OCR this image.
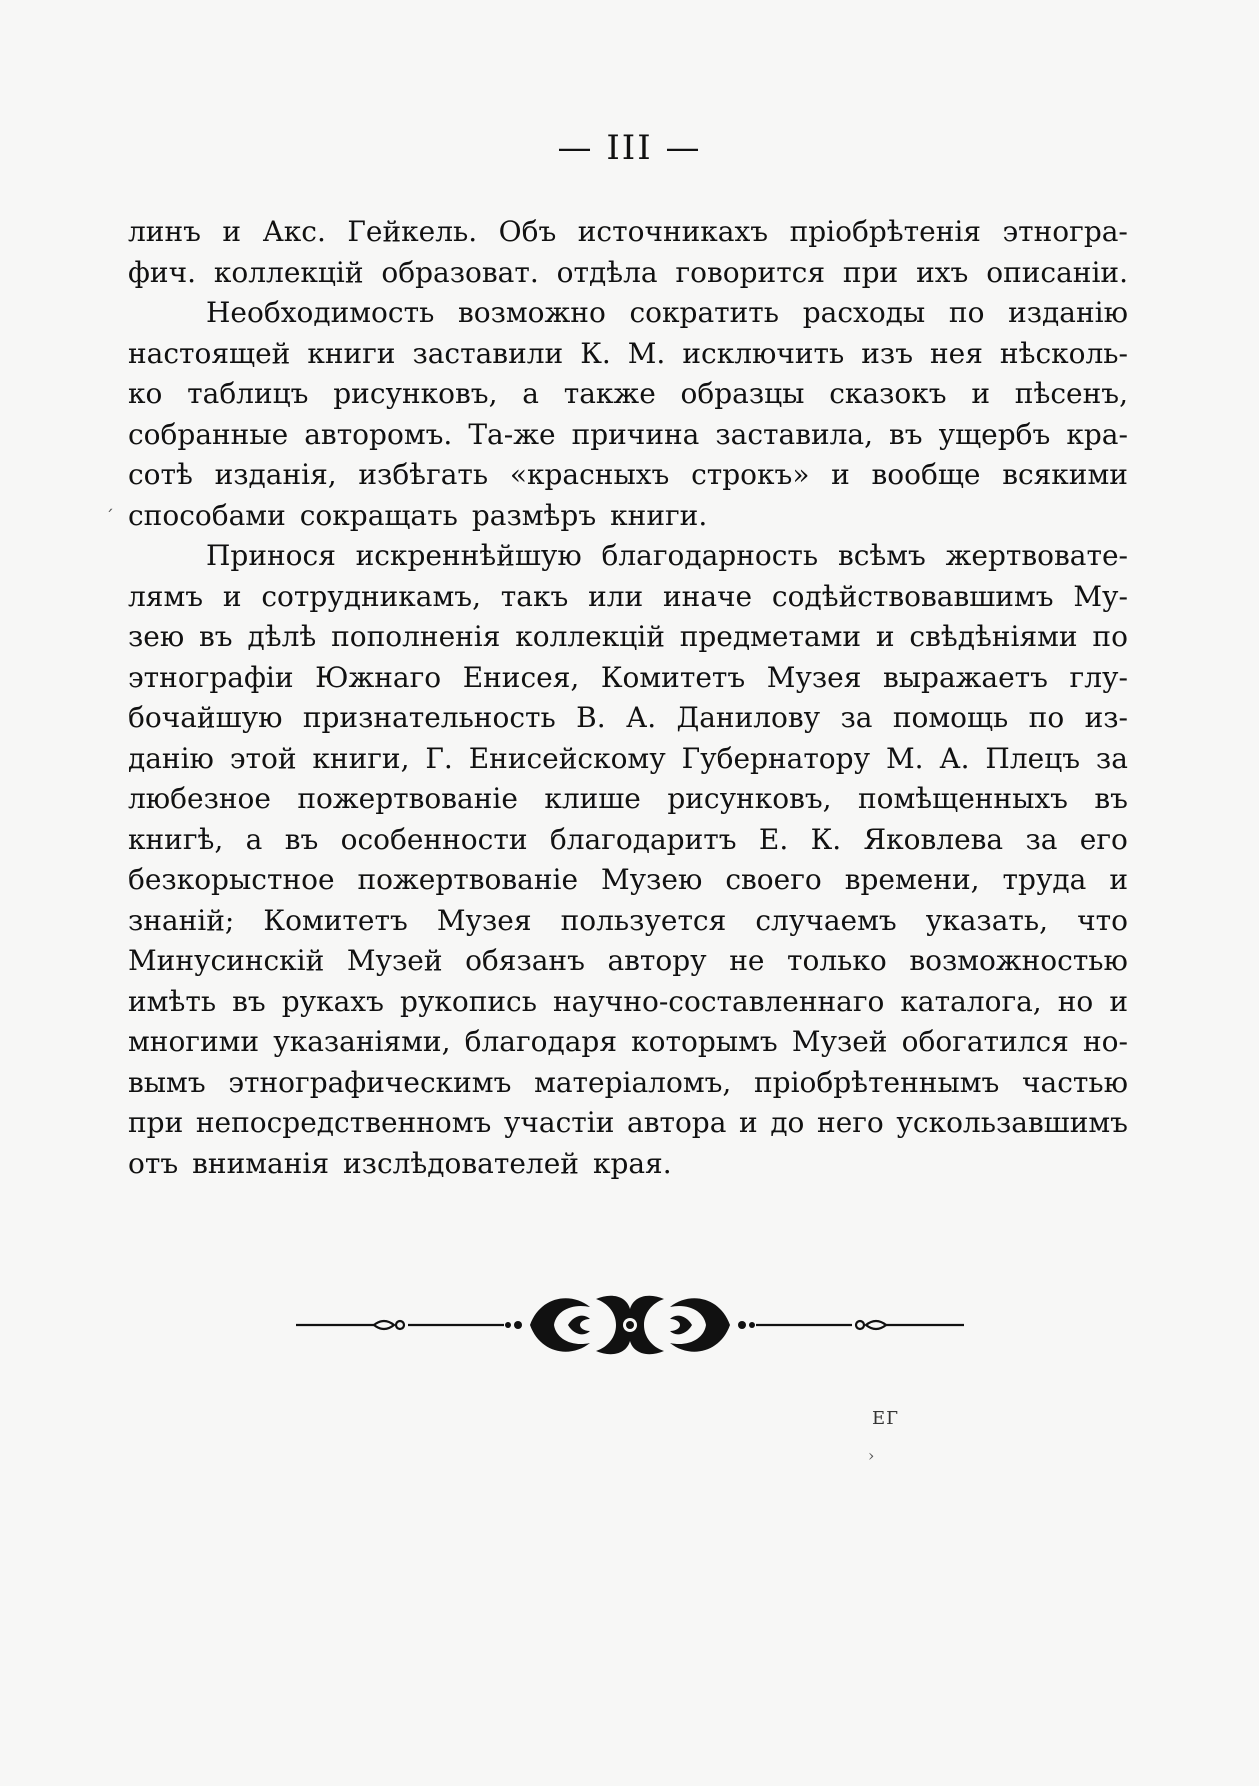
— III —
линъ и Акс. Гейкель. Объ источникахъ пріобрѣтенія этногра-
фич. коллекцій образоват. отдѣла говорится при ихъ описаніи.
Необходимость возможно сократить расходы по изданію
настоящей книги заставили К. М. исключить изъ нея нѣсколь-
ко таблицъ рисунковъ, а также образцы сказокъ и пѣсенъ,
собранные авторомъ. Та-же причина заставила, въ ущербъ кра-
сотѣ изданія, избѣгать «красныхъ строкъ» и вообще всякими
способами сокращать размѣръ книги.
Принося искреннѣйшую благодарность всѣмъ жертвовате-
лямъ и сотрудникамъ, такъ или иначе содѣйствовавшимъ Му-
зею въ дѣлѣ пополненія коллекцій предметами и свѣдѣніями по
этнографіи Южнаго Енисея, Комитетъ Музея выражаетъ глу-
бочайшую признательность В. А. Данилову за помощь по из-
данію этой книги, Г. Енисейскому Губернатору М. А. Плецъ за
любезное пожертвованіе клише рисунковъ, помѣщенныхъ въ
книгѣ, а въ особенности благодаритъ Е. К. Яковлева за его
безкорыстное пожертвованіе Музею своего времени, труда и
знаній; Комитетъ Музея пользуется случаемъ указать, что
Минусинскій Музей обязанъ автору не только возможностью
имѣть въ рукахъ рукопись научно-составленнаго каталога, но и
многими указаніями, благодаря которымъ Музей обогатился но-
вымъ этнографическимъ матеріаломъ, пріобрѣтеннымъ частью
при непосредственномъ участіи автора и до него ускользавшимъ
отъ вниманія изслѣдователей края.
ЕГ
ˊ
›
